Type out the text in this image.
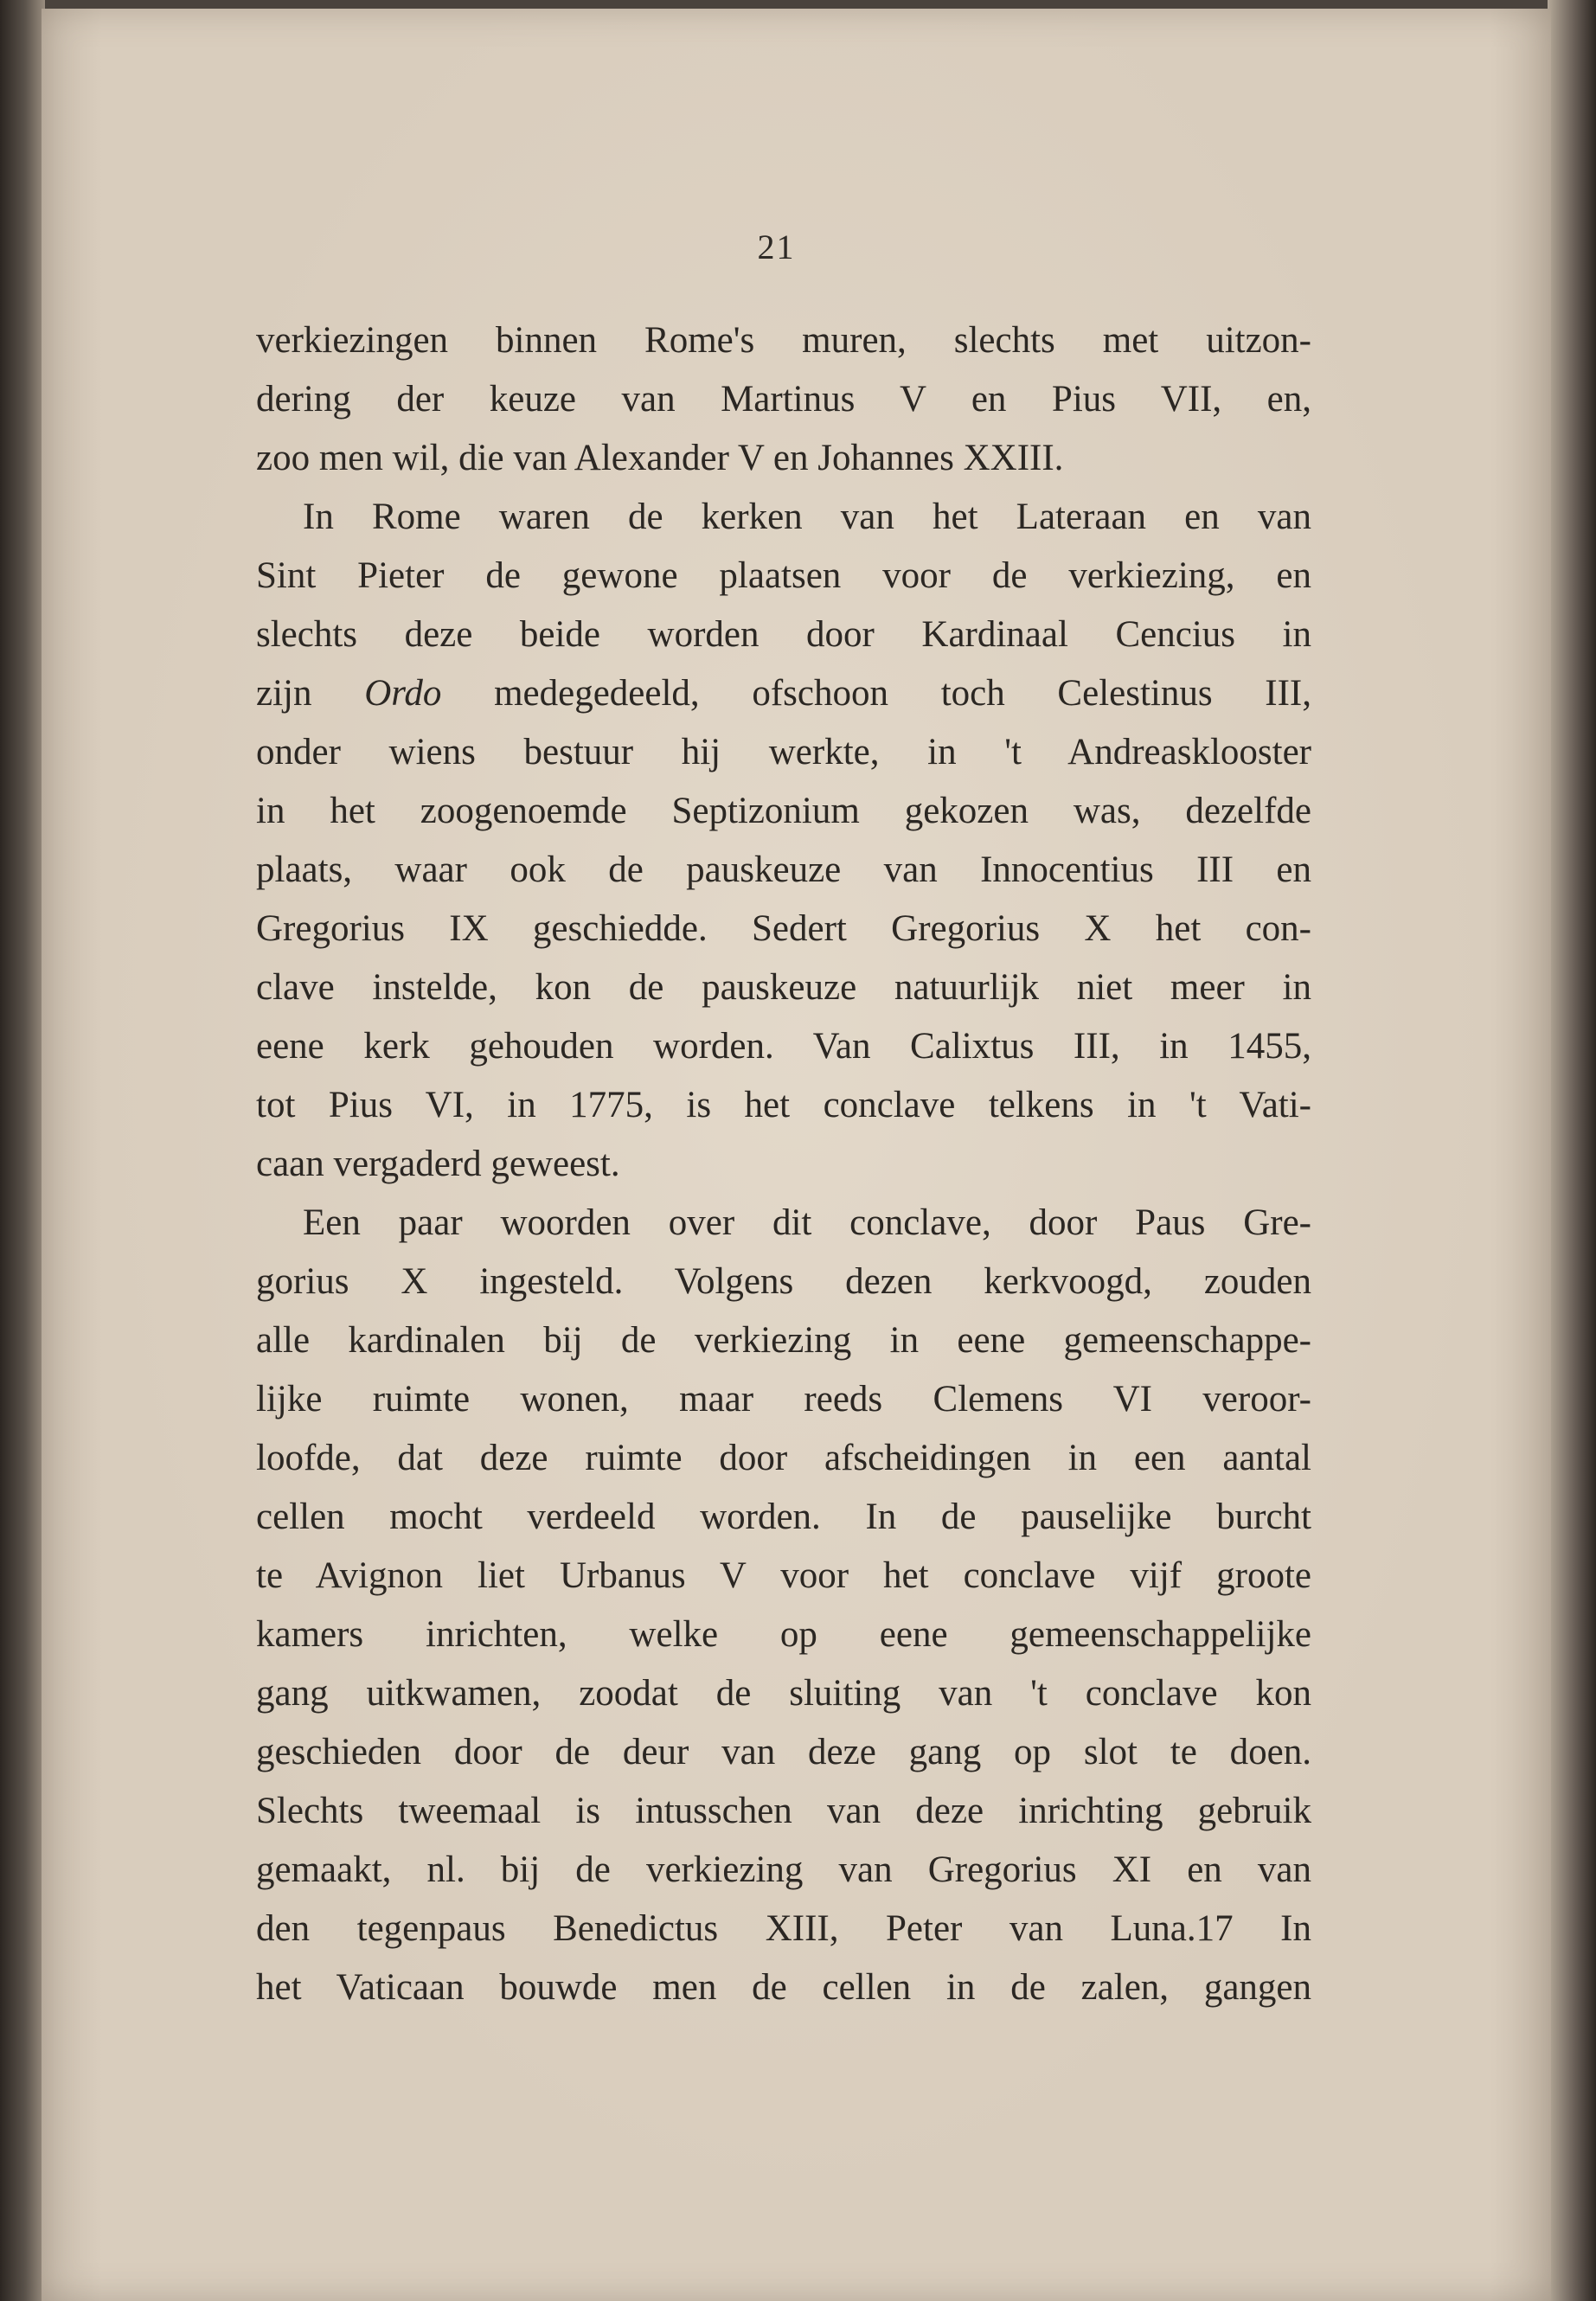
21
verkiezingen binnen Rome's muren, slechts met uitzon-
dering der keuze van Martinus V en Pius VII, en,
zoo men wil, die van Alexander V en Johannes XXIII.
In Rome waren de kerken van het Lateraan en van
Sint Pieter de gewone plaatsen voor de verkiezing, en
slechts deze beide worden door Kardinaal Cencius in
zijn Ordo medegedeeld, ofschoon toch Celestinus III,
onder wiens bestuur hij werkte, in 't Andreasklooster
in het zoogenoemde Septizonium gekozen was, dezelfde
plaats, waar ook de pauskeuze van Innocentius III en
Gregorius IX geschiedde. Sedert Gregorius X het con-
clave instelde, kon de pauskeuze natuurlijk niet meer in
eene kerk gehouden worden. Van Calixtus III, in 1455,
tot Pius VI, in 1775, is het conclave telkens in 't Vati-
caan vergaderd geweest.
Een paar woorden over dit conclave, door Paus Gre-
gorius X ingesteld. Volgens dezen kerkvoogd, zouden
alle kardinalen bij de verkiezing in eene gemeenschappe-
lijke ruimte wonen, maar reeds Clemens VI veroor-
loofde, dat deze ruimte door afscheidingen in een aantal
cellen mocht verdeeld worden. In de pauselijke burcht
te Avignon liet Urbanus V voor het conclave vijf groote
kamers inrichten, welke op eene gemeenschappelijke
gang uitkwamen, zoodat de sluiting van 't conclave kon
geschieden door de deur van deze gang op slot te doen.
Slechts tweemaal is intusschen van deze inrichting gebruik
gemaakt, nl. bij de verkiezing van Gregorius XI en van
den tegenpaus Benedictus XIII, Peter van Luna.17 In
het Vaticaan bouwde men de cellen in de zalen, gangen
